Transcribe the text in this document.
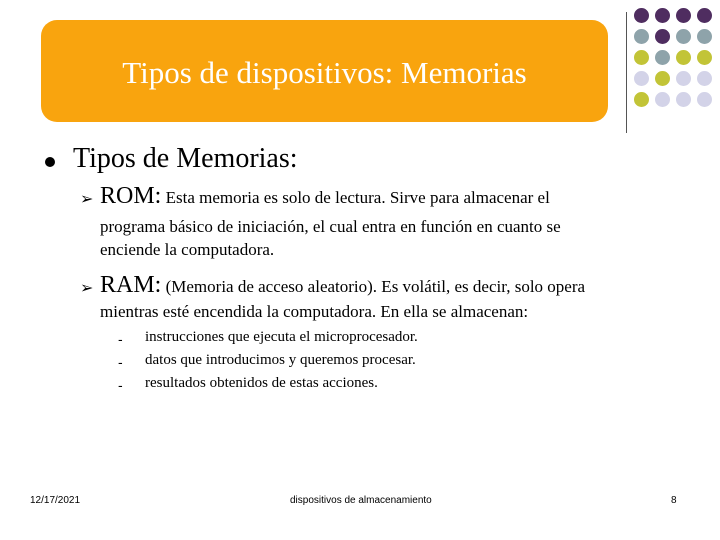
Tipos de dispositivos: Memorias
Tipos de Memorias:
➢ ROM: Esta memoria es solo de lectura. Sirve para almacenar el
programa básico de iniciación, el cual entra en función en cuanto se
enciende la computadora.
➢ RAM: (Memoria de acceso aleatorio). Es volátil, es decir, solo opera
mientras esté encendida la computadora. En ella se almacenan:
- instrucciones que ejecuta el microprocesador.
- datos que introducimos y queremos procesar.
- resultados obtenidos de estas acciones.
12/17/2021	dispositivos de almacenamiento	8
